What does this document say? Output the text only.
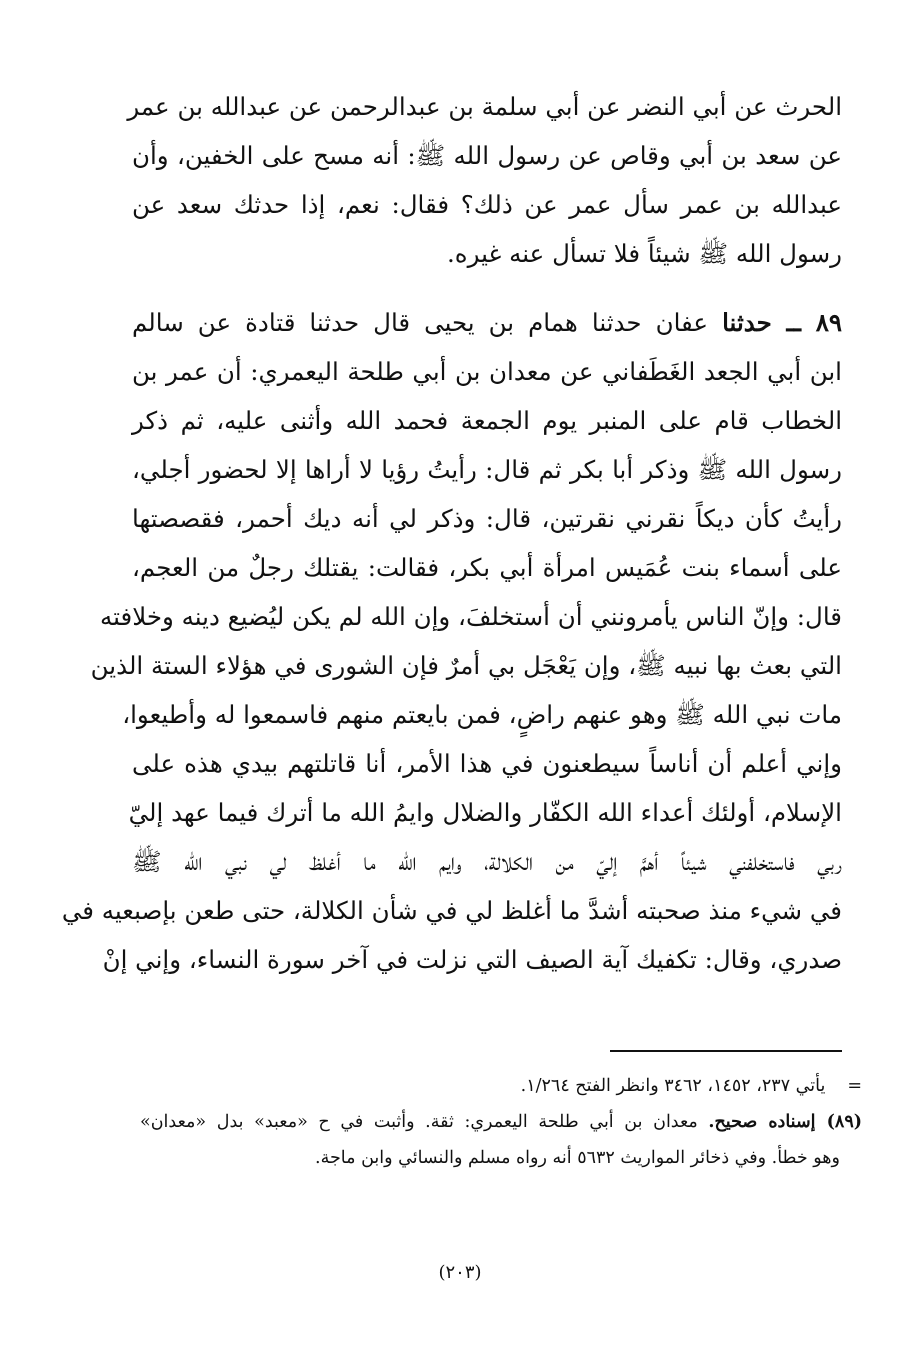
الحرث عن أبي النضر عن أبي سلمة بن عبدالرحمن عن عبدالله بن عمر
عن سعد بن أبي وقاص عن رسول الله ﷺ: أنه مسح على الخفين، وأن
عبدالله بن عمر سأل عمر عن ذلك؟ فقال: نعم، إذا حدثك سعد عن
رسول الله ﷺ شيئاً فلا تسأل عنه غيره.
٨٩ ــ حدثنا عفان حدثنا همام بن يحيى قال حدثنا قتادة عن سالم
ابن أبي الجعد الغَطَفاني عن معدان بن أبي طلحة اليعمري: أن عمر بن
الخطاب قام على المنبر يوم الجمعة فحمد الله وأثنى عليه، ثم ذكر
رسول الله ﷺ وذكر أبا بكر ثم قال: رأيتُ رؤيا لا أراها إلا لحضور أجلي،
رأيتُ كأن ديكاً نقرني نقرتين، قال: وذكر لي أنه ديك أحمر، فقصصتها
على أسماء بنت عُمَيس امرأة أبي بكر، فقالت: يقتلك رجلٌ من العجم،
قال: وإنّ الناس يأمرونني أن أستخلفَ، وإن الله لم يكن ليُضيع دينه وخلافته
التي بعث بها نبيه ﷺ، وإن يَعْجَل بي أمرٌ فإن الشورى في هؤلاء الستة الذين
مات نبي الله ﷺ وهو عنهم راضٍ، فمن بايعتم منهم فاسمعوا له وأطيعوا،
وإني أعلم أن أناساً سيطعنون في هذا الأمر، أنا قاتلتهم بيدي هذه على
الإسلام، أولئك أعداء الله الكفّار والضلال وايمُ الله ما أترك فيما عهد إليّ
ربي فاستخلفني شيئاً أهمَّ إليّ من الكلالة، وايم الله ما أغلظ لي نبي الله ﷺ
في شيء منذ صحبته أشدَّ ما أغلظ لي في شأن الكلالة، حتى طعن بإصبعيه في
صدري، وقال: تكفيك آية الصيف التي نزلت في آخر سورة النساء، وإني إنْ
=يأتي ٢٣٧، ١٤٥٢، ٣٤٦٢ وانظر الفتح ١/٢٦٤.
(٨٩) إسناده صحيح. معدان بن أبي طلحة اليعمري: ثقة. وأثبت في ح «معبد» بدل «معدان»
وهو خطأ. وفي ذخائر المواريث ٥٦٣٢ أنه رواه مسلم والنسائي وابن ماجة.
(٢٠٣)
